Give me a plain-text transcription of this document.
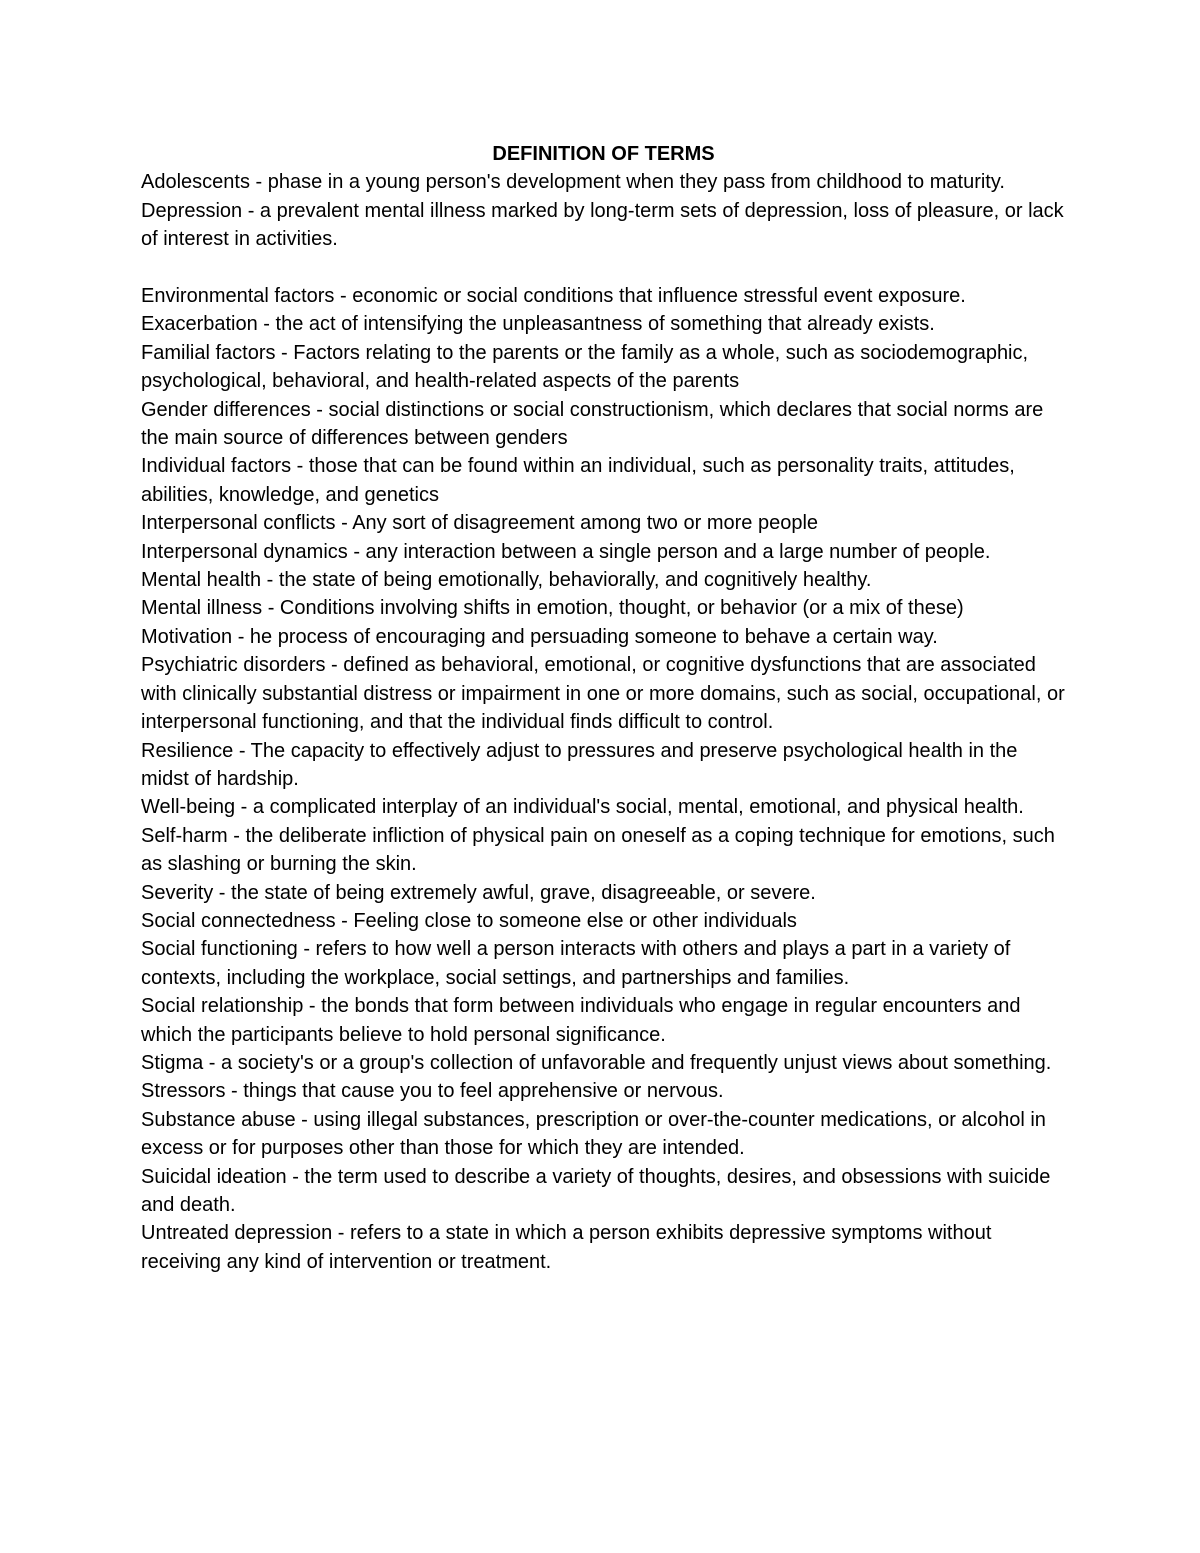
DEFINITION OF TERMS

Adolescents - phase in a young person's development when they pass from childhood to maturity.

Depression - a prevalent mental illness marked by long-term sets of depression, loss of pleasure, or lack of interest in activities.

Environmental factors - economic or social conditions that influence stressful event exposure.

Exacerbation - the act of intensifying the unpleasantness of something that already exists.

Familial factors - Factors relating to the parents or the family as a whole, such as sociodemographic, psychological, behavioral, and health-related aspects of the parents

Gender differences - social distinctions or social constructionism, which declares that social norms are the main source of differences between genders

Individual factors - those that can be found within an individual, such as personality traits, attitudes, abilities, knowledge, and genetics

Interpersonal conflicts - Any sort of disagreement among two or more people

Interpersonal dynamics - any interaction between a single person and a large number of people.

Mental health - the state of being emotionally, behaviorally, and cognitively healthy.

Mental illness - Conditions involving shifts in emotion, thought, or behavior (or a mix of these)

Motivation - he process of encouraging and persuading someone to behave a certain way.

Psychiatric disorders - defined as behavioral, emotional, or cognitive dysfunctions that are associated with clinically substantial distress or impairment in one or more domains, such as social, occupational, or interpersonal functioning, and that the individual finds difficult to control.

Resilience - The capacity to effectively adjust to pressures and preserve psychological health in the midst of hardship.

Well-being - a complicated interplay of an individual's social, mental, emotional, and physical health.

Self-harm - the deliberate infliction of physical pain on oneself as a coping technique for emotions, such as slashing or burning the skin.

Severity - the state of being extremely awful, grave, disagreeable, or severe.

Social connectedness - Feeling close to someone else or other individuals

Social functioning - refers to how well a person interacts with others and plays a part in a variety of contexts, including the workplace, social settings, and partnerships and families.

Social relationship - the bonds that form between individuals who engage in regular encounters and which the participants believe to hold personal significance.

Stigma - a society's or a group's collection of unfavorable and frequently unjust views about something.

Stressors - things that cause you to feel apprehensive or nervous.

Substance abuse - using illegal substances, prescription or over-the-counter medications, or alcohol in excess or for purposes other than those for which they are intended.

Suicidal ideation - the term used to describe a variety of thoughts, desires, and obsessions with suicide and death.

Untreated depression - refers to a state in which a person exhibits depressive symptoms without receiving any kind of intervention or treatment.
